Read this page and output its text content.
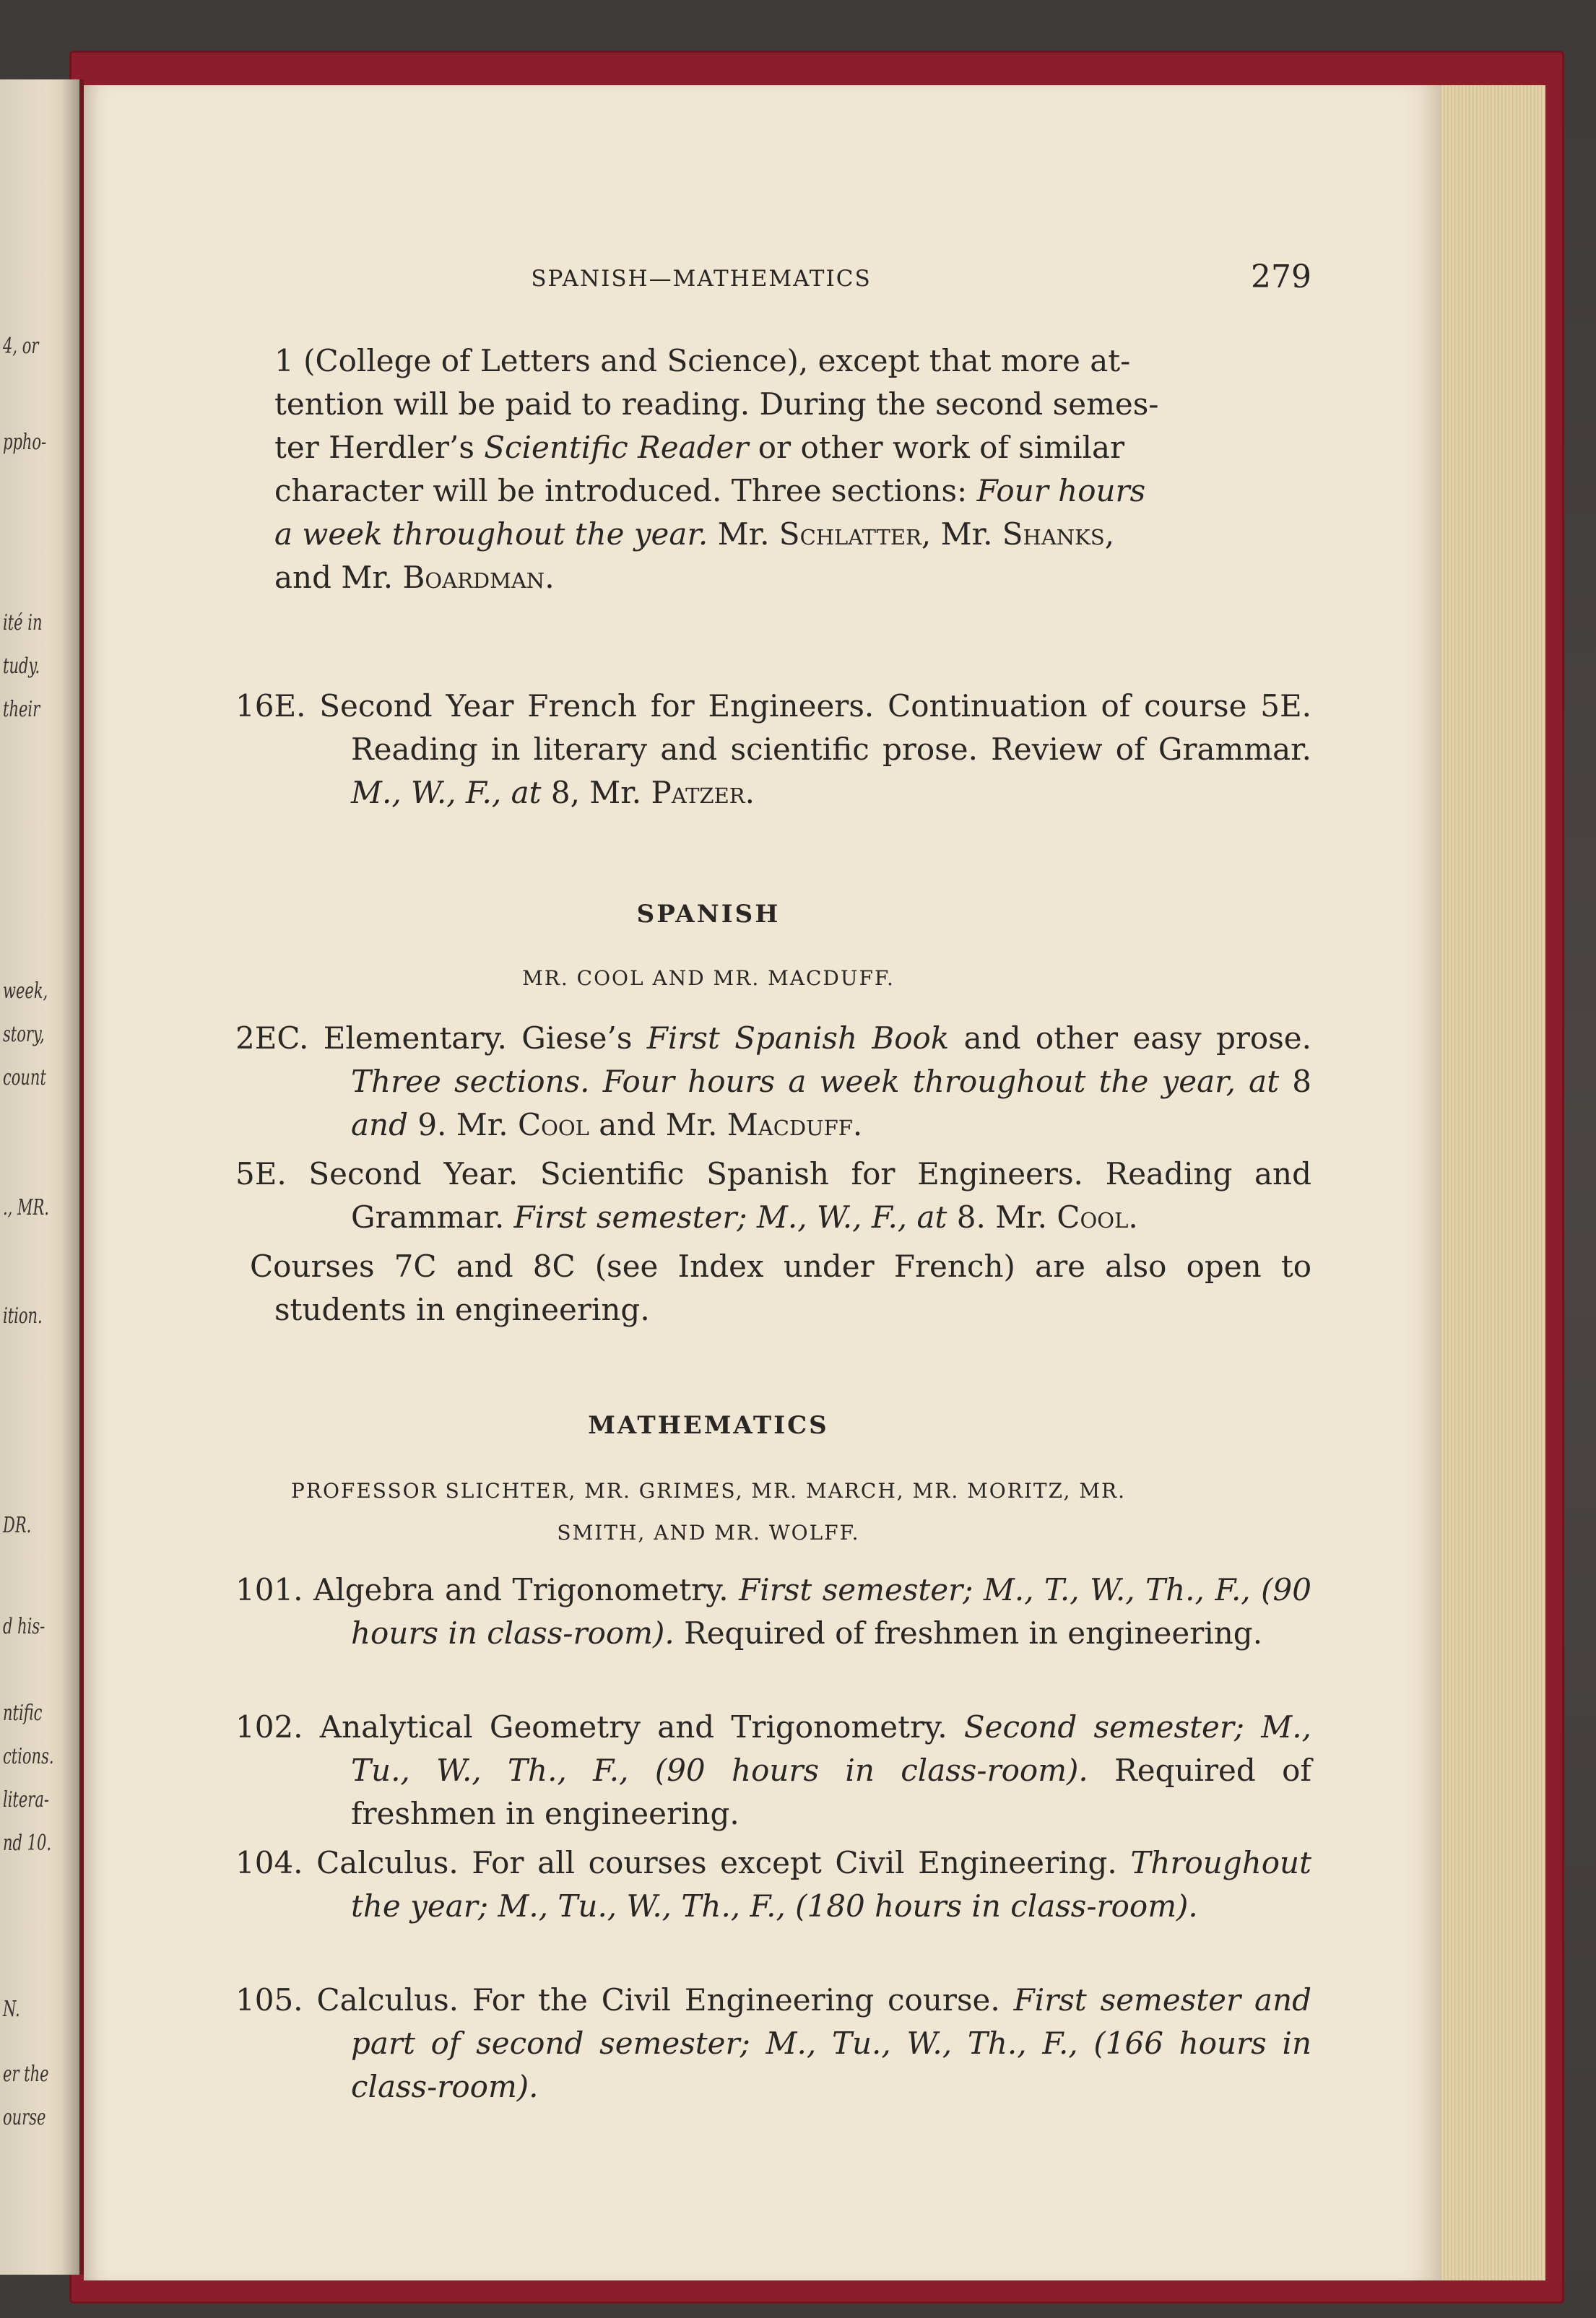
4, or
ppho-
ité in
tudy.
their
week,
story,
count
., MR.
ition.
DR.
d his-
ntific
ctions.
litera-
nd 10.
N.
er the
ourse
SPANISH—MATHEMATICS	279
1 (College of Letters and Science), except that more at-
tention will be paid to reading. During the second semes-
ter Herdler’s Scientific Reader or other work of similar
character will be introduced. Three sections: Four hours
a week throughout the year. Mr. Schlatter, Mr. Shanks,
and Mr. Boardman.
16E. Second Year French for Engineers. Continuation of course 5E. Reading in literary and scientific prose. Review of Grammar. M., W., F., at 8, Mr. Patzer.
SPANISH
MR. COOL AND MR. MACDUFF.
2EC. Elementary. Giese’s First Spanish Book and other easy prose. Three sections. Four hours a week throughout the year, at 8 and 9. Mr. Cool and Mr. Macduff.
5E. Second Year. Scientific Spanish for Engineers. Reading and Grammar. First semester; M., W., F., at 8. Mr. Cool.
Courses 7C and 8C (see Index under French) are also open to students in engineering.
MATHEMATICS
PROFESSOR SLICHTER, MR. GRIMES, MR. MARCH, MR. MORITZ, MR.
SMITH, AND MR. WOLFF.
101. Algebra and Trigonometry. First semester; M., T., W., Th., F., (90 hours in class-room). Required of freshmen in engineering.
102. Analytical Geometry and Trigonometry. Second semester; M., Tu., W., Th., F., (90 hours in class-room). Required of freshmen in engineering.
104. Calculus. For all courses except Civil Engineering. Throughout the year; M., Tu., W., Th., F., (180 hours in class-room).
105. Calculus. For the Civil Engineering course. First semester and part of second semester; M., Tu., W., Th., F., (166 hours in class-room).
